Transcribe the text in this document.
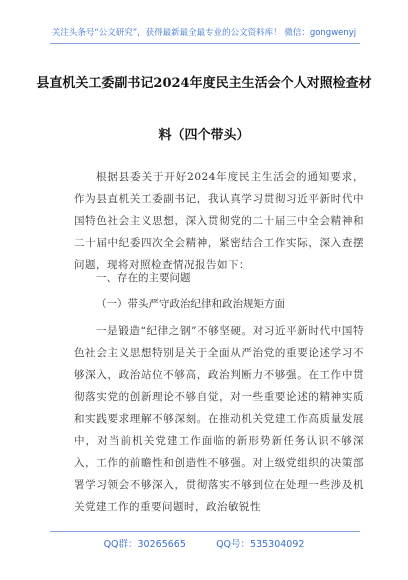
关注头条号“公文研究”，获得最新最全最专业的公文资料库！ 微信：gongwenyj
县直机关工委副书记2024年度民主生活会个人对照检查材
料（四个带头）
根据县委关于开好2024年度民主生活会的通知要求，作为县直机关工委副书记，我认真学习贯彻习近平新时代中国特色社会主义思想，深入贯彻党的二十届三中全会精神和二十届中纪委四次全会精神，紧密结合工作实际，深入查摆问题，现将对照检查情况报告如下：
一、存在的主要问题
（一）带头严守政治纪律和政治规矩方面
一是锻造“纪律之钢”不够坚硬。对习近平新时代中国特色社会主义思想特别是关于全面从严治党的重要论述学习不够深入，政治站位不够高，政治判断力不够强。在工作中贯彻落实党的创新理论不够自觉，对一些重要论述的精神实质和实践要求理解不够深刻。在推动机关党建工作高质量发展中，对当前机关党建工作面临的新形势新任务认识不够深入，工作的前瞻性和创造性不够强。对上级党组织的决策部署学习领会不够深入，贯彻落实不够到位在处理一些涉及机关党建工作的重要问题时，政治敏锐性
QQ群：30265665          QQ号：535304092
